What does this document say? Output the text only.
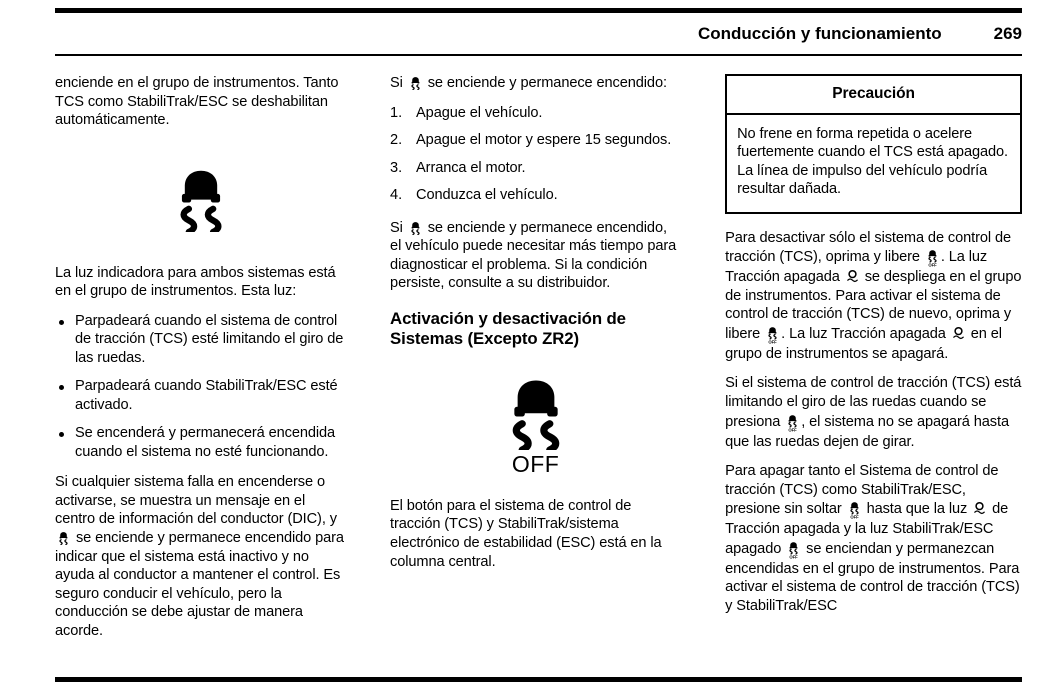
Conducción y funcionamiento	269

enciende en el grupo de instrumentos. Tanto TCS como StabiliTrak/ESC se deshabilitan automáticamente.

La luz indicadora para ambos sistemas está en el grupo de instrumentos. Esta luz:

Parpadeará cuando el sistema de control de tracción (TCS) esté limitando el giro de las ruedas.
Parpadeará cuando StabiliTrak/ESC esté activado.
Se encenderá y permanecerá encendida cuando el sistema no esté funcionando.

Si cualquier sistema falla en encenderse o activarse, se muestra un mensaje en el centro de información del conductor (DIC), y
se enciende y permanece encendido para indicar que el sistema está inactivo y no ayuda al conductor a mantener el control. Es seguro conducir el vehículo, pero la conducción se debe ajustar de manera acorde.

Si
se enciende y permanece encendido:

1. Apague el vehículo.
2. Apague el motor y espere 15 segundos.
3. Arranca el motor.
4. Conduzca el vehículo.

Si
se enciende y permanece encendido, el vehículo puede necesitar más tiempo para diagnosticar el problema. Si la condición persiste, consulte a su distribuidor.

Activación y desactivación de Sistemas (Excepto ZR2)
OFF

El botón para el sistema de control de tracción (TCS) y StabiliTrak/sistema electrónico de estabilidad (ESC) está en la columna central.

Precaución
No frene en forma repetida o acelere fuertemente cuando el TCS está apagado. La línea de impulso del vehículo podría resultar dañada.

Para desactivar sólo el sistema de control de tracción (TCS), oprima y libere OFF . La luz Tracción apagada
se despliega en el grupo de instrumentos. Para activar el sistema de control de tracción (TCS) de nuevo, oprima y libere OFF . La luz Tracción apagada
en el grupo de instrumentos se apagará.

Si el sistema de control de tracción (TCS) está limitando el giro de las ruedas cuando se presiona OFF , el sistema no se apagará hasta que las ruedas dejen de girar.

Para apagar tanto el Sistema de control de tracción (TCS) como StabiliTrak/ESC, presione sin soltar OFF hasta que la luz
de Tracción apagada y la luz StabiliTrak/ESC apagado OFF se enciendan y permanezcan encendidas en el grupo de instrumentos. Para activar el sistema de control de tracción (TCS) y StabiliTrak/ESC
